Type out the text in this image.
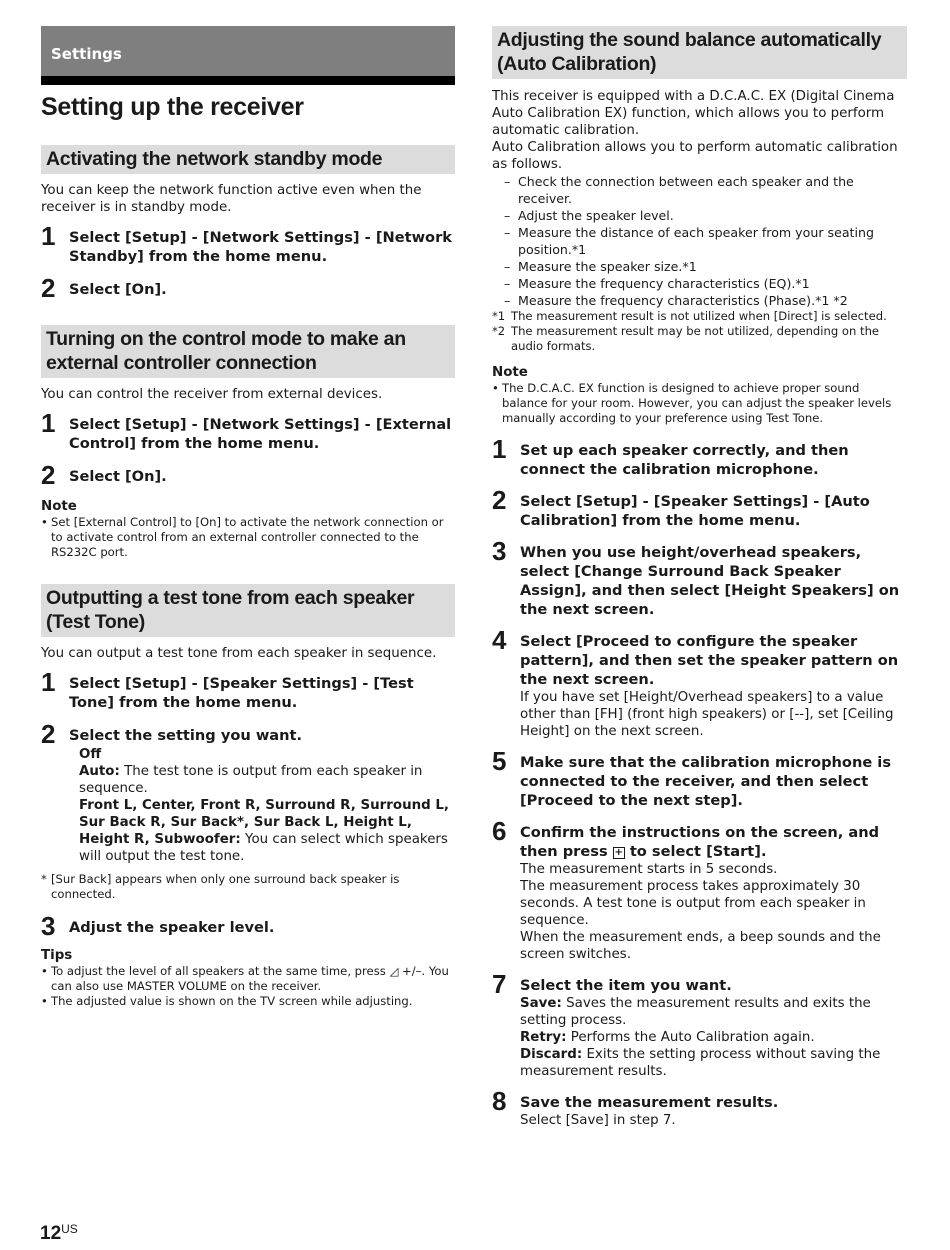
Settings
Setting up the receiver
Activating the network standby mode

You can keep the network function active even when the receiver is in standby mode.

1 Select [Setup] - [Network Settings] - [Network Standby] from the home menu.

2 Select [On].

Turning on the control mode to make an external controller connection

You can control the receiver from external devices.

1 Select [Setup] - [Network Settings] - [External Control] from the home menu.

2 Select [On].

Note

• Set [External Control] to [On] to activate the network connection or to activate control from an external controller connected to the RS232C port.

Outputting a test tone from each speaker (Test Tone)

You can output a test tone from each speaker in sequence.

1 Select [Setup] - [Speaker Settings] - [Test Tone] from the home menu.

2 Select the setting you want.

Off

Auto: The test tone is output from each speaker in sequence.

Front L, Center, Front R, Surround R, Surround L, Sur Back R, Sur Back*, Sur Back L, Height L, Height R, Subwoofer: You can select which speakers will output the test tone.

* [Sur Back] appears when only one surround back speaker is connected.
3 Adjust the speaker level.

Tips

• To adjust the level of all speakers at the same time, press ◿ +/–. You can also use MASTER VOLUME on the receiver.

• The adjusted value is shown on the TV screen while adjusting.

Adjusting the sound balance automatically (Auto Calibration)

This receiver is equipped with a D.C.A.C. EX (Digital Cinema Auto Calibration EX) function, which allows you to perform automatic calibration.

Auto Calibration allows you to perform automatic calibration as follows.

– Check the connection between each speaker and the receiver.

– Adjust the speaker level.

– Measure the distance of each speaker from your seating position.*1

– Measure the speaker size.*1

– Measure the frequency characteristics (EQ).*1

– Measure the frequency characteristics (Phase).*1 *2

*1 The measurement result is not utilized when [Direct] is selected.
*2 The measurement result may be not utilized, depending on the audio formats.

Note

• The D.C.A.C. EX function is designed to achieve proper sound balance for your room. However, you can adjust the speaker levels manually according to your preference using Test Tone.

1 Set up each speaker correctly, and then connect the calibration microphone.

2 Select [Setup] - [Speaker Settings] - [Auto Calibration] from the home menu.

3 When you use height/overhead speakers, select [Change Surround Back Speaker Assign], and then select [Height Speakers] on the next screen.

4 Select [Proceed to configure the speaker pattern], and then set the speaker pattern on the next screen.

If you have set [Height/Overhead speakers] to a value other than [FH] (front high speakers) or [--], set [Ceiling Height] on the next screen.

5 Make sure that the calibration microphone is connected to the receiver, and then select [Proceed to the next step].

6 Confirm the instructions on the screen, and then press + to select [Start].

The measurement starts in 5 seconds.

The measurement process takes approximately 30 seconds. A test tone is output from each speaker in sequence.

When the measurement ends, a beep sounds and the screen switches.

7 Select the item you want.

Save: Saves the measurement results and exits the setting process.

Retry: Performs the Auto Calibration again.

Discard: Exits the setting process without saving the measurement results.

8 Save the measurement results.

Select [Save] in step 7.

$12^{US}$
